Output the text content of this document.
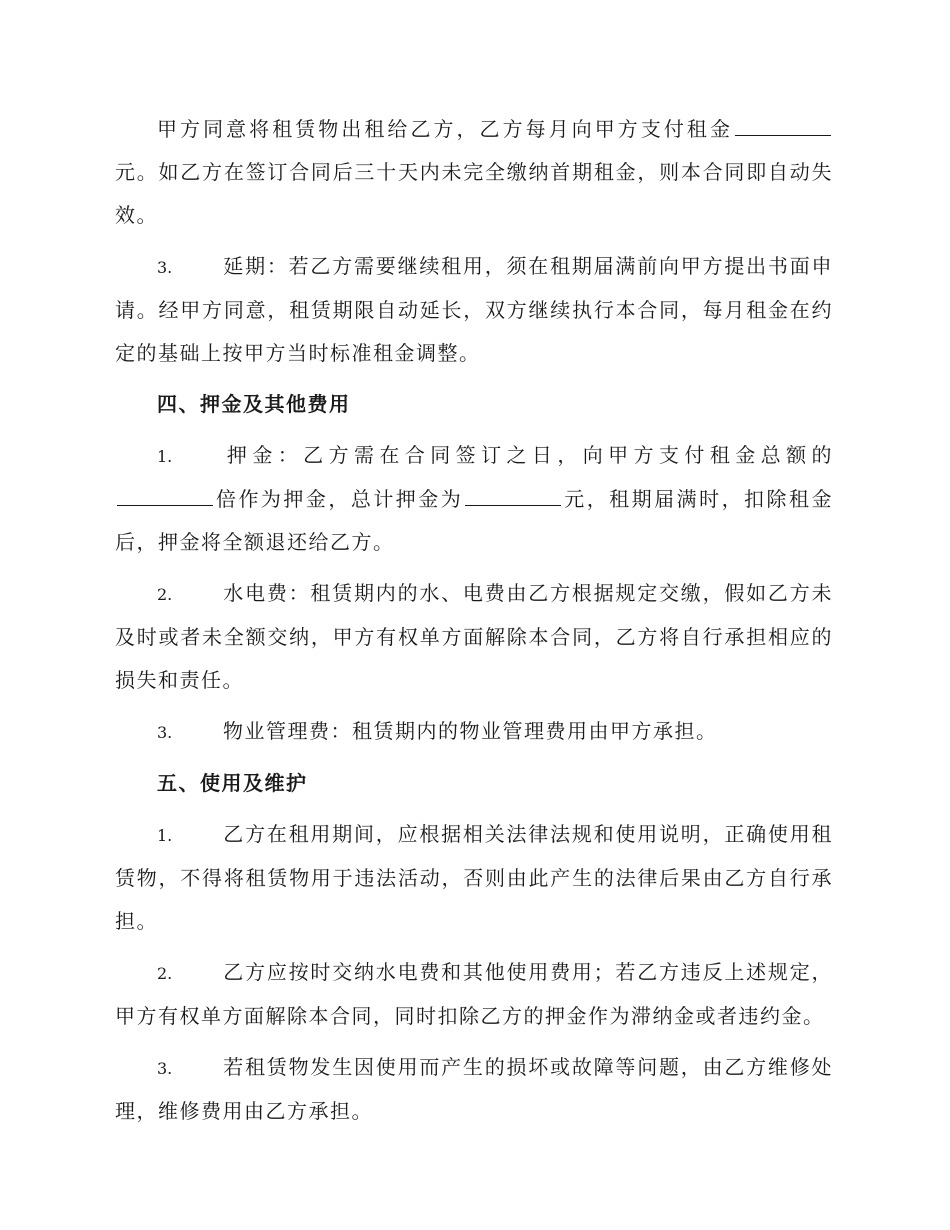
甲方同意将租赁物出租给乙方，乙方每月向甲方支付租金元。如乙方在签订合同后三十天内未完全缴纳首期租金，则本合同即自动失效。

3.	延期：若乙方需要继续租用，须在租期届满前向甲方提出书面申请。经甲方同意，租赁期限自动延长，双方继续执行本合同，每月租金在约定的基础上按甲方当时标准租金调整。

四、押金及其他费用

1.	押金：乙方需在合同签订之日，向甲方支付租金总额的倍作为押金，总计押金为	元，租期届满时，扣除租金后，押金将全额退还给乙方。

2.	水电费：租赁期内的水、电费由乙方根据规定交缴，假如乙方未及时或者未全额交纳，甲方有权单方面解除本合同，乙方将自行承担相应的损失和责任。

3.	物业管理费：租赁期内的物业管理费用由甲方承担。

五、使用及维护

1.	乙方在租用期间，应根据相关法律法规和使用说明，正确使用租赁物，不得将租赁物用于违法活动，否则由此产生的法律后果由乙方自行承担。

2.	乙方应按时交纳水电费和其他使用费用；若乙方违反上述规定，甲方有权单方面解除本合同，同时扣除乙方的押金作为滞纳金或者违约金。

3.	若租赁物发生因使用而产生的损坏或故障等问题，由乙方维修处理，维修费用由乙方承担。
